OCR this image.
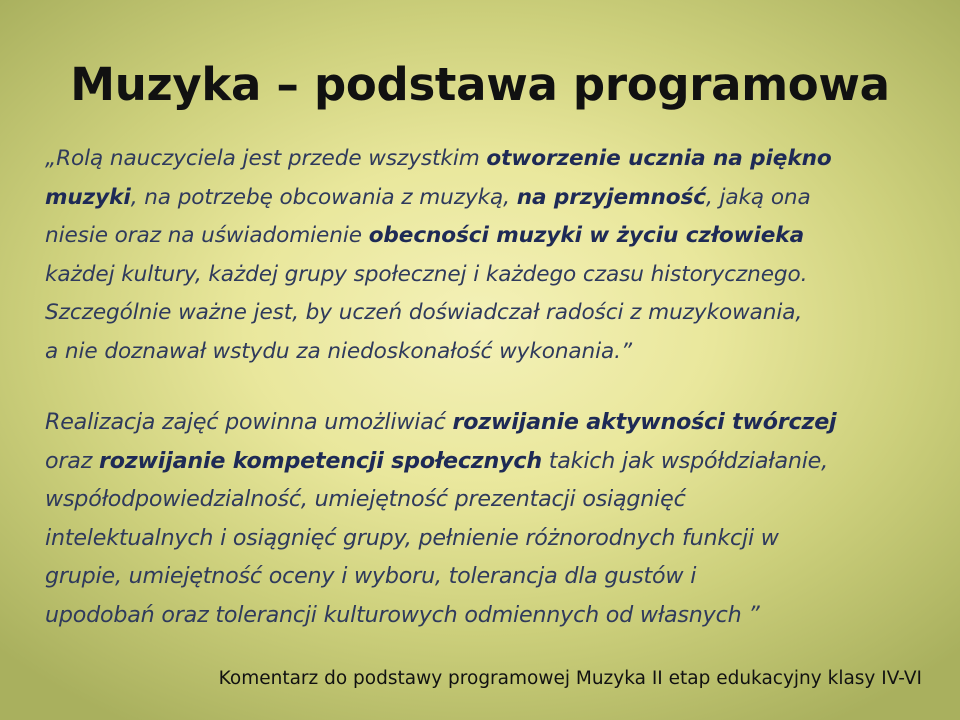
Muzyka – podstawa programowa

„Rolą nauczyciela jest przede wszystkim otworzenie ucznia na piękno
muzyki, na potrzebę obcowania z muzyką, na przyjemność, jaką ona
niesie oraz na uświadomienie obecności muzyki w życiu człowieka
każdej kultury, każdej grupy społecznej i każdego czasu historycznego.
Szczególnie ważne jest, by uczeń doświadczał radości z muzykowania,
a nie doznawał wstydu za niedoskonałość wykonania.”

Realizacja zajęć powinna umożliwiać rozwijanie aktywności twórczej
oraz rozwijanie kompetencji społecznych takich jak współdziałanie,
współodpowiedzialność, umiejętność prezentacji osiągnięć
intelektualnych i osiągnięć grupy, pełnienie różnorodnych funkcji w
grupie, umiejętność oceny i wyboru, tolerancja dla gustów i
upodobań oraz tolerancji kulturowych odmiennych od własnych ”

Komentarz do podstawy programowej Muzyka II etap edukacyjny klasy IV-VI
